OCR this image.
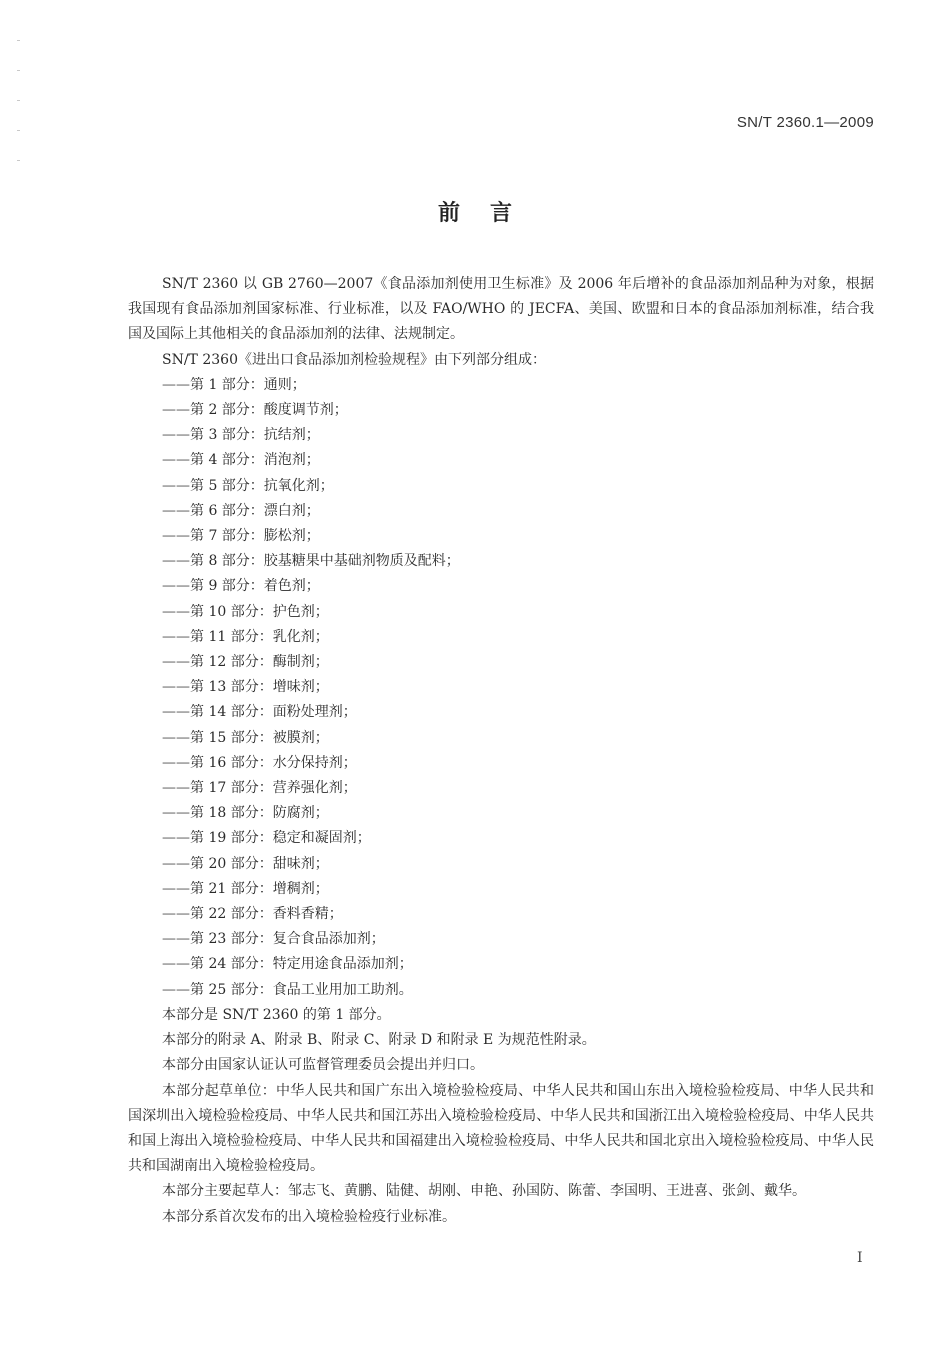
SN/T 2360.1—2009
前言

SN/T 2360 以 GB 2760—2007《食品添加剂使用卫生标准》及 2006 年后增补的食品添加剂品种为对象，根据我国现有食品添加剂国家标准、行业标准，以及 FAO/WHO 的 JECFA、美国、欧盟和日本的食品添加剂标准，结合我国及国际上其他相关的食品添加剂的法律、法规制定。

SN/T 2360《进出口食品添加剂检验规程》由下列部分组成：

——第 1 部分：通则；
——第 2 部分：酸度调节剂；
——第 3 部分：抗结剂；
——第 4 部分：消泡剂；
——第 5 部分：抗氧化剂；
——第 6 部分：漂白剂；
——第 7 部分：膨松剂；
——第 8 部分：胶基糖果中基础剂物质及配料；
——第 9 部分：着色剂；
——第 10 部分：护色剂；
——第 11 部分：乳化剂；
——第 12 部分：酶制剂；
——第 13 部分：增味剂；
——第 14 部分：面粉处理剂；
——第 15 部分：被膜剂；
——第 16 部分：水分保持剂；
——第 17 部分：营养强化剂；
——第 18 部分：防腐剂；
——第 19 部分：稳定和凝固剂；
——第 20 部分：甜味剂；
——第 21 部分：增稠剂；
——第 22 部分：香料香精；
——第 23 部分：复合食品添加剂；
——第 24 部分：特定用途食品添加剂；
——第 25 部分：食品工业用加工助剂。

本部分是 SN/T 2360 的第 1 部分。

本部分的附录 A、附录 B、附录 C、附录 D 和附录 E 为规范性附录。

本部分由国家认证认可监督管理委员会提出并归口。

本部分起草单位：中华人民共和国广东出入境检验检疫局、中华人民共和国山东出入境检验检疫局、中华人民共和国深圳出入境检验检疫局、中华人民共和国江苏出入境检验检疫局、中华人民共和国浙江出入境检验检疫局、中华人民共和国上海出入境检验检疫局、中华人民共和国福建出入境检验检疫局、中华人民共和国北京出入境检验检疫局、中华人民共和国湖南出入境检验检疫局。

本部分主要起草人：邹志飞、黄鹏、陆健、胡刚、申艳、孙国防、陈蕾、李国明、王进喜、张剑、戴华。

本部分系首次发布的出入境检验检疫行业标准。

I
